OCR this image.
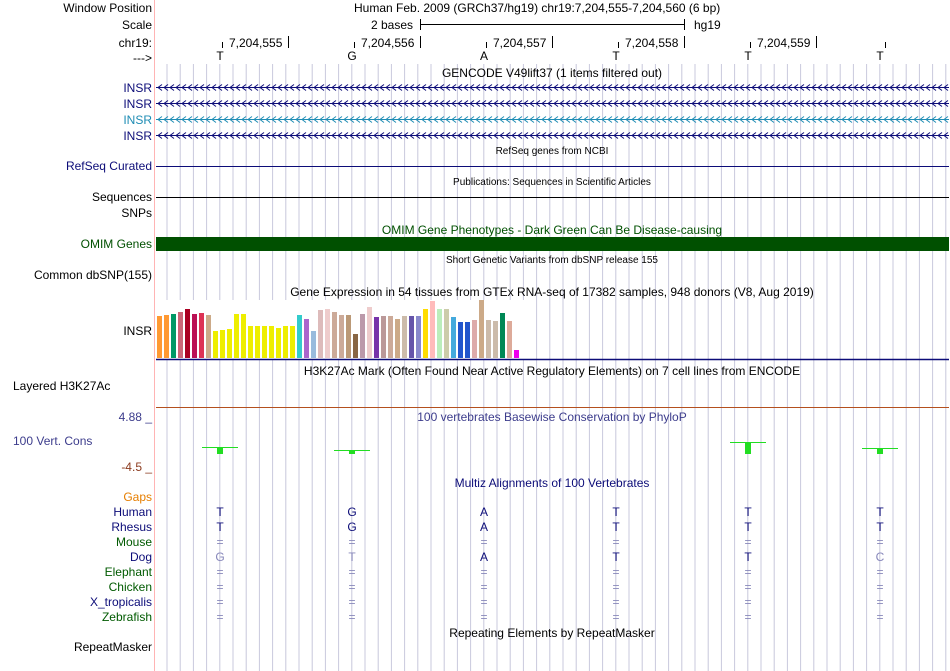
Window Position	Human Feb. 2009 (GRCh37/hg19) chr19:7,204,555-7,204,560 (6 bp)
Scale	2 bases	hg19
chr19:	7,204,555	7,204,556	7,204,557	7,204,558	7,204,559
--->	T	G	A	T	T	T
GENCODE V49lift37 (1 items filtered out)
INSR
INSR
INSR
INSR
RefSeq genes from NCBI
RefSeq Curated
Publications: Sequences in Scientific Articles
Sequences
SNPs
OMIM Gene Phenotypes - Dark Green Can Be Disease-causing
OMIM Genes
Short Genetic Variants from dbSNP release 155
Common dbSNP(155)
Gene Expression in 54 tissues from GTEx RNA-seq of 17382 samples, 948 donors (V8, Aug 2019)
INSR
H3K27Ac Mark (Often Found Near Active Regulatory Elements) on 7 cell lines from ENCODE
Layered H3K27Ac
100 vertebrates Basewise Conservation by PhyloP
4.88 _
100 Vert. Cons
-4.5 _
Multiz Alignments of 100 Vertebrates
Gaps
Human	T	G	A	T	T	T
Rhesus	T	G	A	T	T	T
Mouse	=	=	=	=	=	=
Dog	G	T	A	T	T	C
Elephant	=	=	=	=	=	=
Chicken	=	=	=	=	=	=
X_tropicalis	=	=	=	=	=	=
Zebrafish	=	=	=	=	=	=
Repeating Elements by RepeatMasker
RepeatMasker
